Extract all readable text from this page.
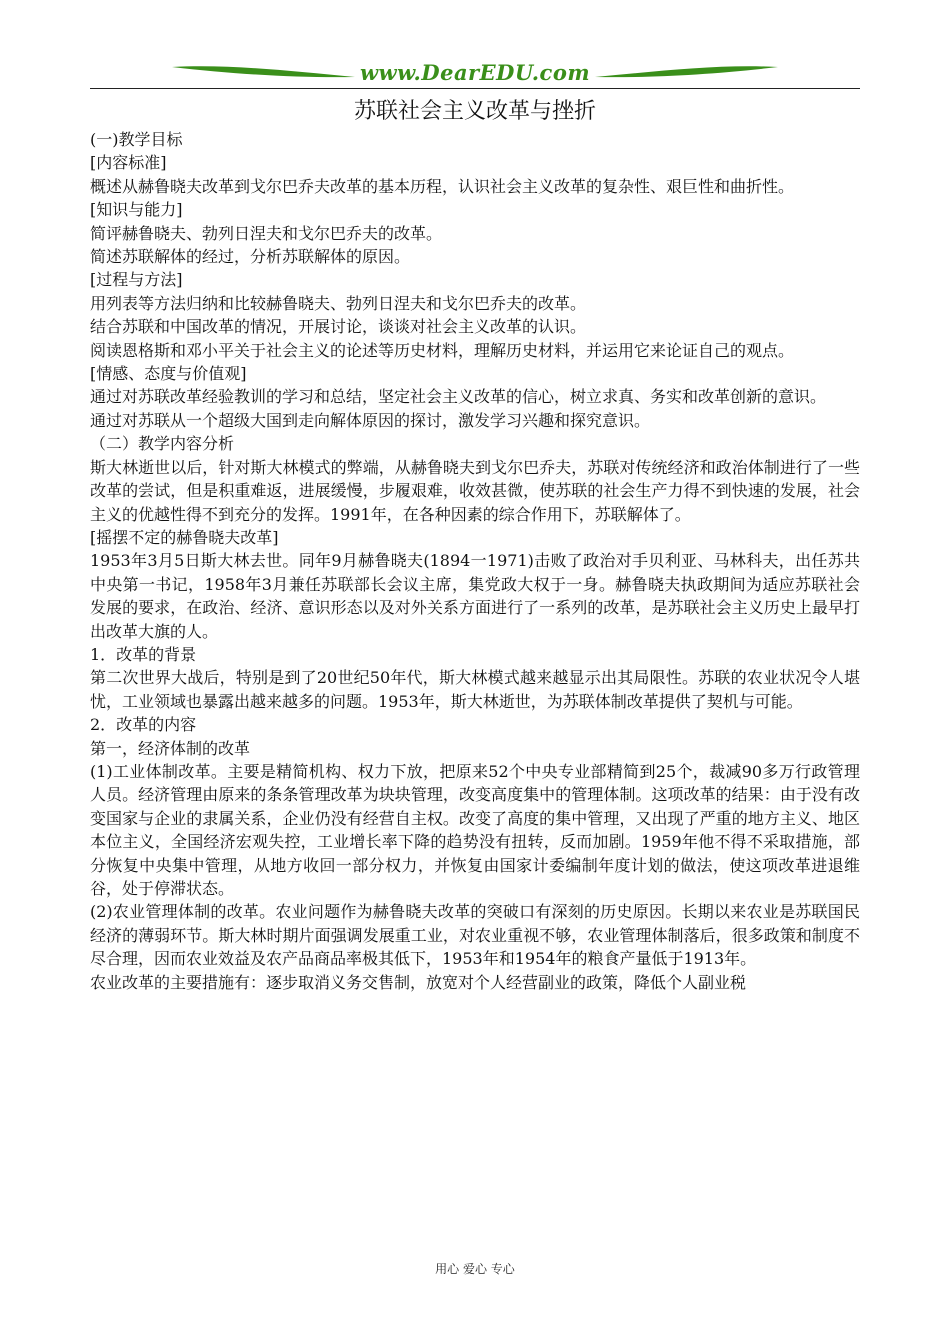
www.DearEDU.com
苏联社会主义改革与挫折

(一)教学目标

[内容标准]

概述从赫鲁晓夫改革到戈尔巴乔夫改革的基本历程，认识社会主义改革的复杂性、艰巨性和曲折性。

[知识与能力]

简评赫鲁晓夫、勃列日涅夫和戈尔巴乔夫的改革。

简述苏联解体的经过，分析苏联解体的原因。

[过程与方法]

用列表等方法归纳和比较赫鲁晓夫、勃列日涅夫和戈尔巴乔夫的改革。

结合苏联和中国改革的情况，开展讨论，谈谈对社会主义改革的认识。

阅读恩格斯和邓小平关于社会主义的论述等历史材料，理解历史材料，并运用它来论证自己的观点。

[情感、态度与价值观]

通过对苏联改革经验教训的学习和总结，坚定社会主义改革的信心，树立求真、务实和改革创新的意识。

通过对苏联从一个超级大国到走向解体原因的探讨，激发学习兴趣和探究意识。

（二）教学内容分析

斯大林逝世以后，针对斯大林模式的弊端，从赫鲁晓夫到戈尔巴乔夫，苏联对传统经济和政治体制进行了一些改革的尝试，但是积重难返，进展缓慢，步履艰难，收效甚微，使苏联的社会生产力得不到快速的发展，社会主义的优越性得不到充分的发挥。1991年，在各种因素的综合作用下，苏联解体了。

[摇摆不定的赫鲁晓夫改革]

1953年3月5日斯大林去世。同年9月赫鲁晓夫(1894一1971)击败了政治对手贝利亚、马林科夫，出任苏共中央第一书记，1958年3月兼任苏联部长会议主席，集党政大权于一身。赫鲁晓夫执政期间为适应苏联社会发展的要求，在政治、经济、意识形态以及对外关系方面进行了一系列的改革，是苏联社会主义历史上最早打出改革大旗的人。

1．改革的背景

第二次世界大战后，特别是到了20世纪50年代，斯大林模式越来越显示出其局限性。苏联的农业状况令人堪忧，工业领域也暴露出越来越多的问题。1953年，斯大林逝世，为苏联体制改革提供了契机与可能。

2．改革的内容

第一，经济体制的改革

(1)工业体制改革。主要是精简机构、权力下放，把原来52个中央专业部精简到25个，裁减90多万行政管理人员。经济管理由原来的条条管理改革为块块管理，改变高度集中的管理体制。这项改革的结果：由于没有改变国家与企业的隶属关系，企业仍没有经营自主权。改变了高度的集中管理，又出现了严重的地方主义、地区本位主义，全国经济宏观失控，工业增长率下降的趋势没有扭转，反而加剧。1959年他不得不采取措施，部分恢复中央集中管理，从地方收回一部分权力，并恢复由国家计委编制年度计划的做法，使这项改革进退维谷，处于停滞状态。

(2)农业管理体制的改革。农业问题作为赫鲁晓夫改革的突破口有深刻的历史原因。长期以来农业是苏联国民经济的薄弱环节。斯大林时期片面强调发展重工业，对农业重视不够，农业管理体制落后，很多政策和制度不尽合理，因而农业效益及农产品商品率极其低下，1953年和1954年的粮食产量低于1913年。

农业改革的主要措施有：逐步取消义务交售制，放宽对个人经营副业的政策，降低个人副业税

用心 爱心 专心
